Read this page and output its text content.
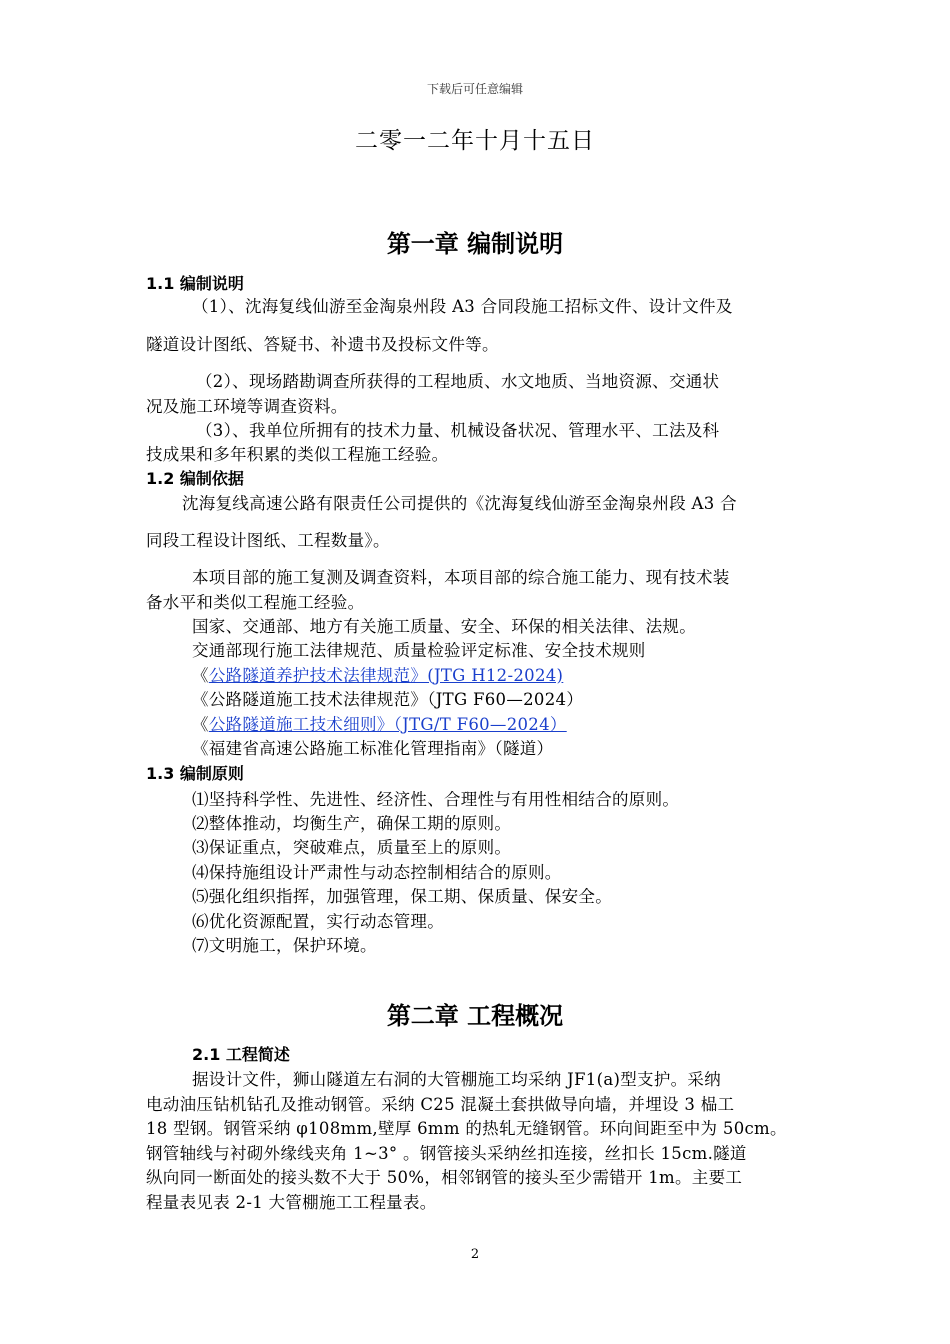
下载后可任意编辑
二零一二年十月十五日
第一章 编制说明
1.1 编制说明
（1）、沈海复线仙游至金淘泉州段 A3 合同段施工招标文件、设计文件及
隧道设计图纸、答疑书、补遗书及投标文件等。
（2）、现场踏勘调查所获得的工程地质、水文地质、当地资源、交通状
况及施工环境等调查资料。
（3）、我单位所拥有的技术力量、机械设备状况、管理水平、工法及科
技成果和多年积累的类似工程施工经验。
1.2 编制依据
沈海复线高速公路有限责任公司提供的《沈海复线仙游至金淘泉州段 A3 合
同段工程设计图纸、工程数量》。
本项目部的施工复测及调查资料，本项目部的综合施工能力、现有技术装
备水平和类似工程施工经验。
国家、交通部、地方有关施工质量、安全、环保的相关法律、法规。
交通部现行施工法律规范、质量检验评定标准、安全技术规则
《公路隧道养护技术法律规范》(JTG H12-2024)
《公路隧道施工技术法律规范》（JTG F60—2024）
《公路隧道施工技术细则》（JTG/T F60—2024）
《福建省高速公路施工标准化管理指南》（隧道）
1.3 编制原则
⑴坚持科学性、先进性、经济性、合理性与有用性相结合的原则。
⑵整体推动，均衡生产，确保工期的原则。
⑶保证重点，突破难点，质量至上的原则。
⑷保持施组设计严肃性与动态控制相结合的原则。
⑸强化组织指挥，加强管理，保工期、保质量、保安全。
⑹优化资源配置，实行动态管理。
⑺文明施工，保护环境。
第二章 工程概况
2.1 工程简述
据设计文件，狮山隧道左右洞的大管棚施工均采纳 JF1(a)型支护。采纳
电动油压钻机钻孔及推动钢管。采纳 C25 混凝土套拱做导向墙，并埋设 3 榀工
18 型钢。钢管采纳 φ108mm,壁厚 6mm 的热轧无缝钢管。环向间距至中为 50cm。
钢管轴线与衬砌外缘线夹角 1~3° 。钢管接头采纳丝扣连接，丝扣长 15cm.隧道
纵向同一断面处的接头数不大于 50%，相邻钢管的接头至少需错开 1m。主要工
程量表见表 2-1 大管棚施工工程量表。
2
